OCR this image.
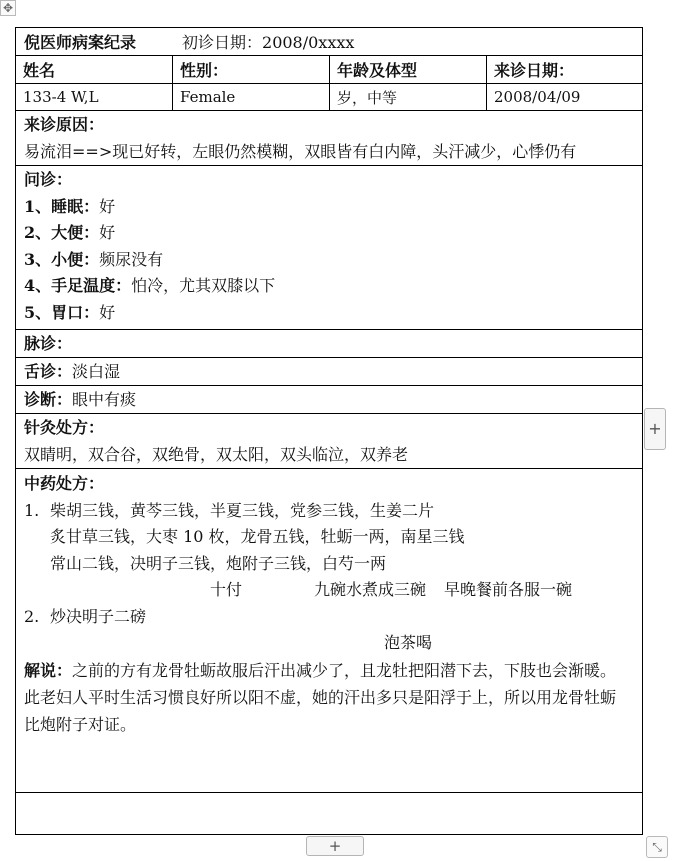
✥
倪医师病案纪录	初诊日期：2008/0xxxx
姓名	性别：	年龄及体型	来诊日期：
133-4 W,L	Female	岁，中等	2008/04/09
来诊原因：
易流泪==>现已好转，左眼仍然模糊，双眼皆有白内障，头汗减少，心悸仍有
问诊：
1、睡眠：好
2、大便：好
3、小便：频尿没有
4、手足温度：怕冷，尤其双膝以下
5、胃口：好
脉诊：
舌诊：淡白湿
诊断：眼中有痰
针灸处方：
双睛明，双合谷，双绝骨，双太阳，双头临泣，双养老
中药处方：
1. 柴胡三钱，黄芩三钱，半夏三钱，党参三钱，生姜二片
炙甘草三钱，大枣 10 枚，龙骨五钱，牡蛎一两，南星三钱
常山二钱，决明子三钱，炮附子三钱，白芍一两
十付	九碗水煮成三碗 早晚餐前各服一碗
2. 炒决明子二磅
泡茶喝
解说：之前的方有龙骨牡蛎故服后汗出减少了，且龙牡把阳潜下去，下肢也会渐暖。此老妇人平时生活习惯良好所以阳不虚，她的汗出多只是阳浮于上，所以用龙骨牡蛎比炮附子对证。
+
+	⤡
